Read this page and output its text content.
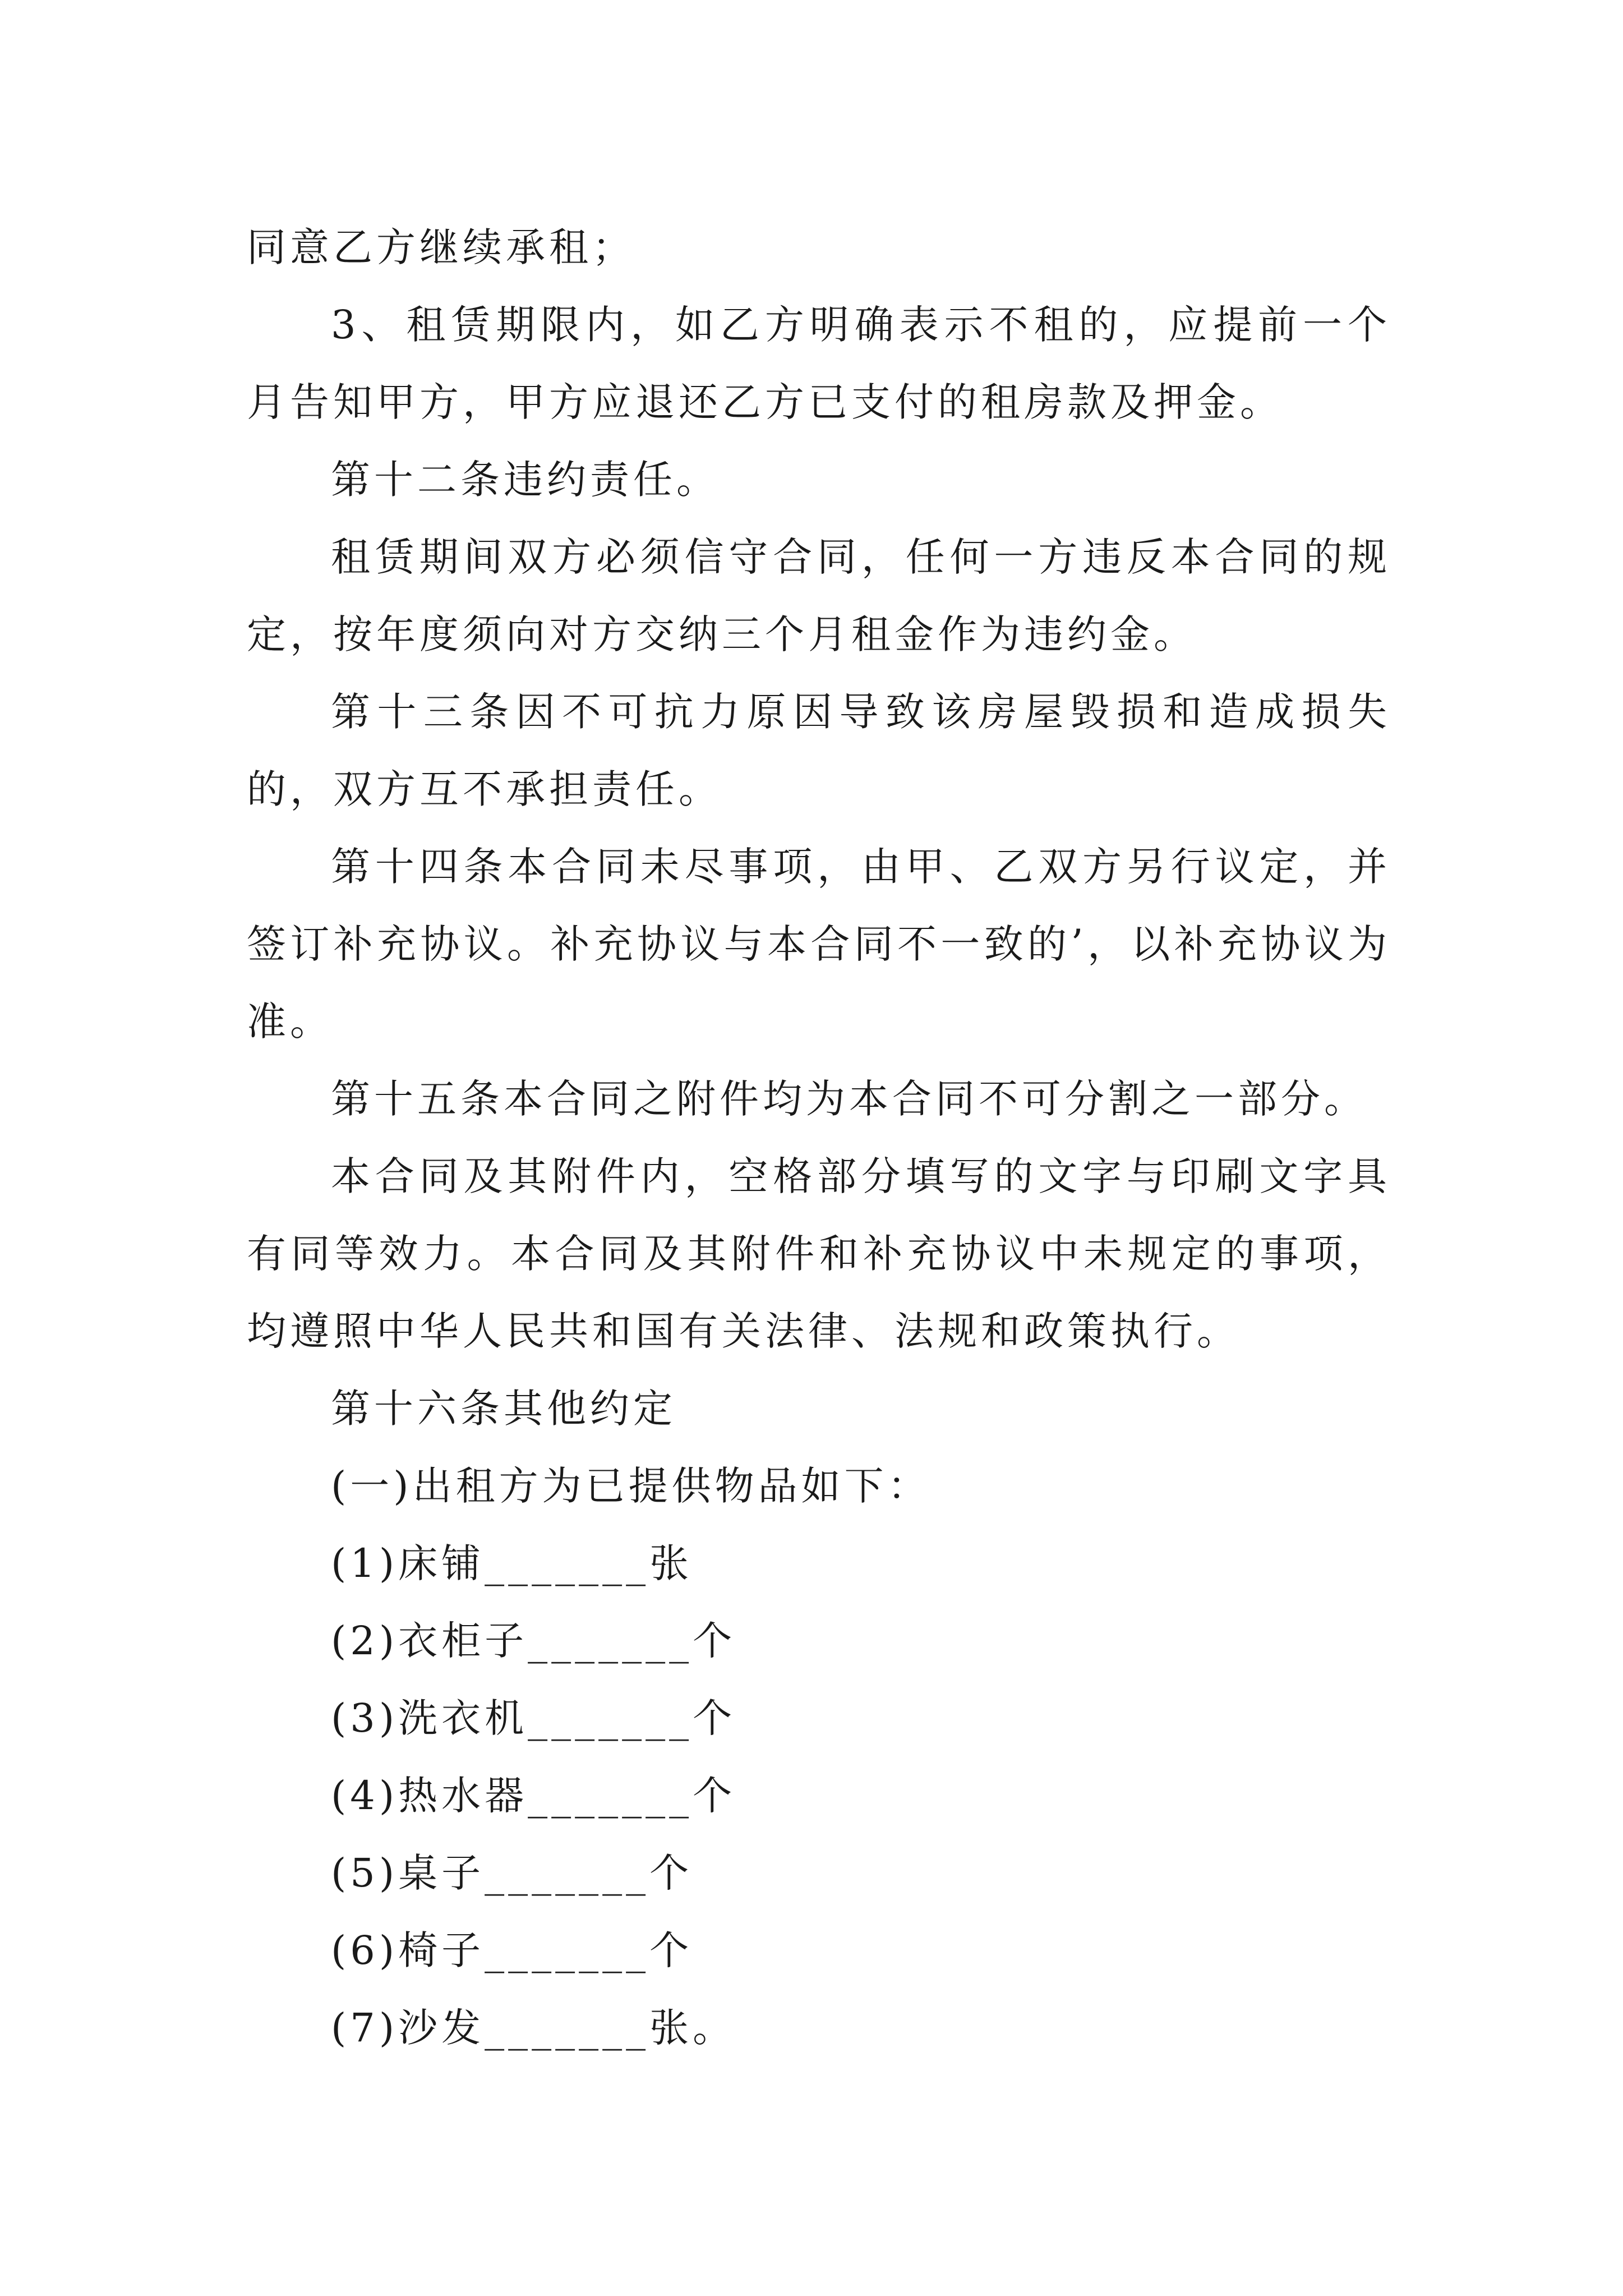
同意乙方继续承租；

3、租赁期限内，如乙方明确表示不租的，应提前一个月告知甲方，甲方应退还乙方已支付的租房款及押金。

第十二条违约责任。

租赁期间双方必须信守合同，任何一方违反本合同的规定，按年度须向对方交纳三个月租金作为违约金。

第十三条因不可抗力原因导致该房屋毁损和造成损失的，双方互不承担责任。

第十四条本合同未尽事项，由甲、乙双方另行议定，并签订补充协议。补充协议与本合同不一致的’，以补充协议为准。

第十五条本合同之附件均为本合同不可分割之一部分。

本合同及其附件内，空格部分填写的文字与印刷文字具有同等效力。本合同及其附件和补充协议中未规定的事项，均遵照中华人民共和国有关法律、法规和政策执行。

第十六条其他约定

(一)出租方为已提供物品如下：

(1)床铺_______张

(2)衣柜子_______个

(3)洗衣机_______个

(4)热水器_______个

(5)桌子_______个

(6)椅子_______个

(7)沙发_______张。
